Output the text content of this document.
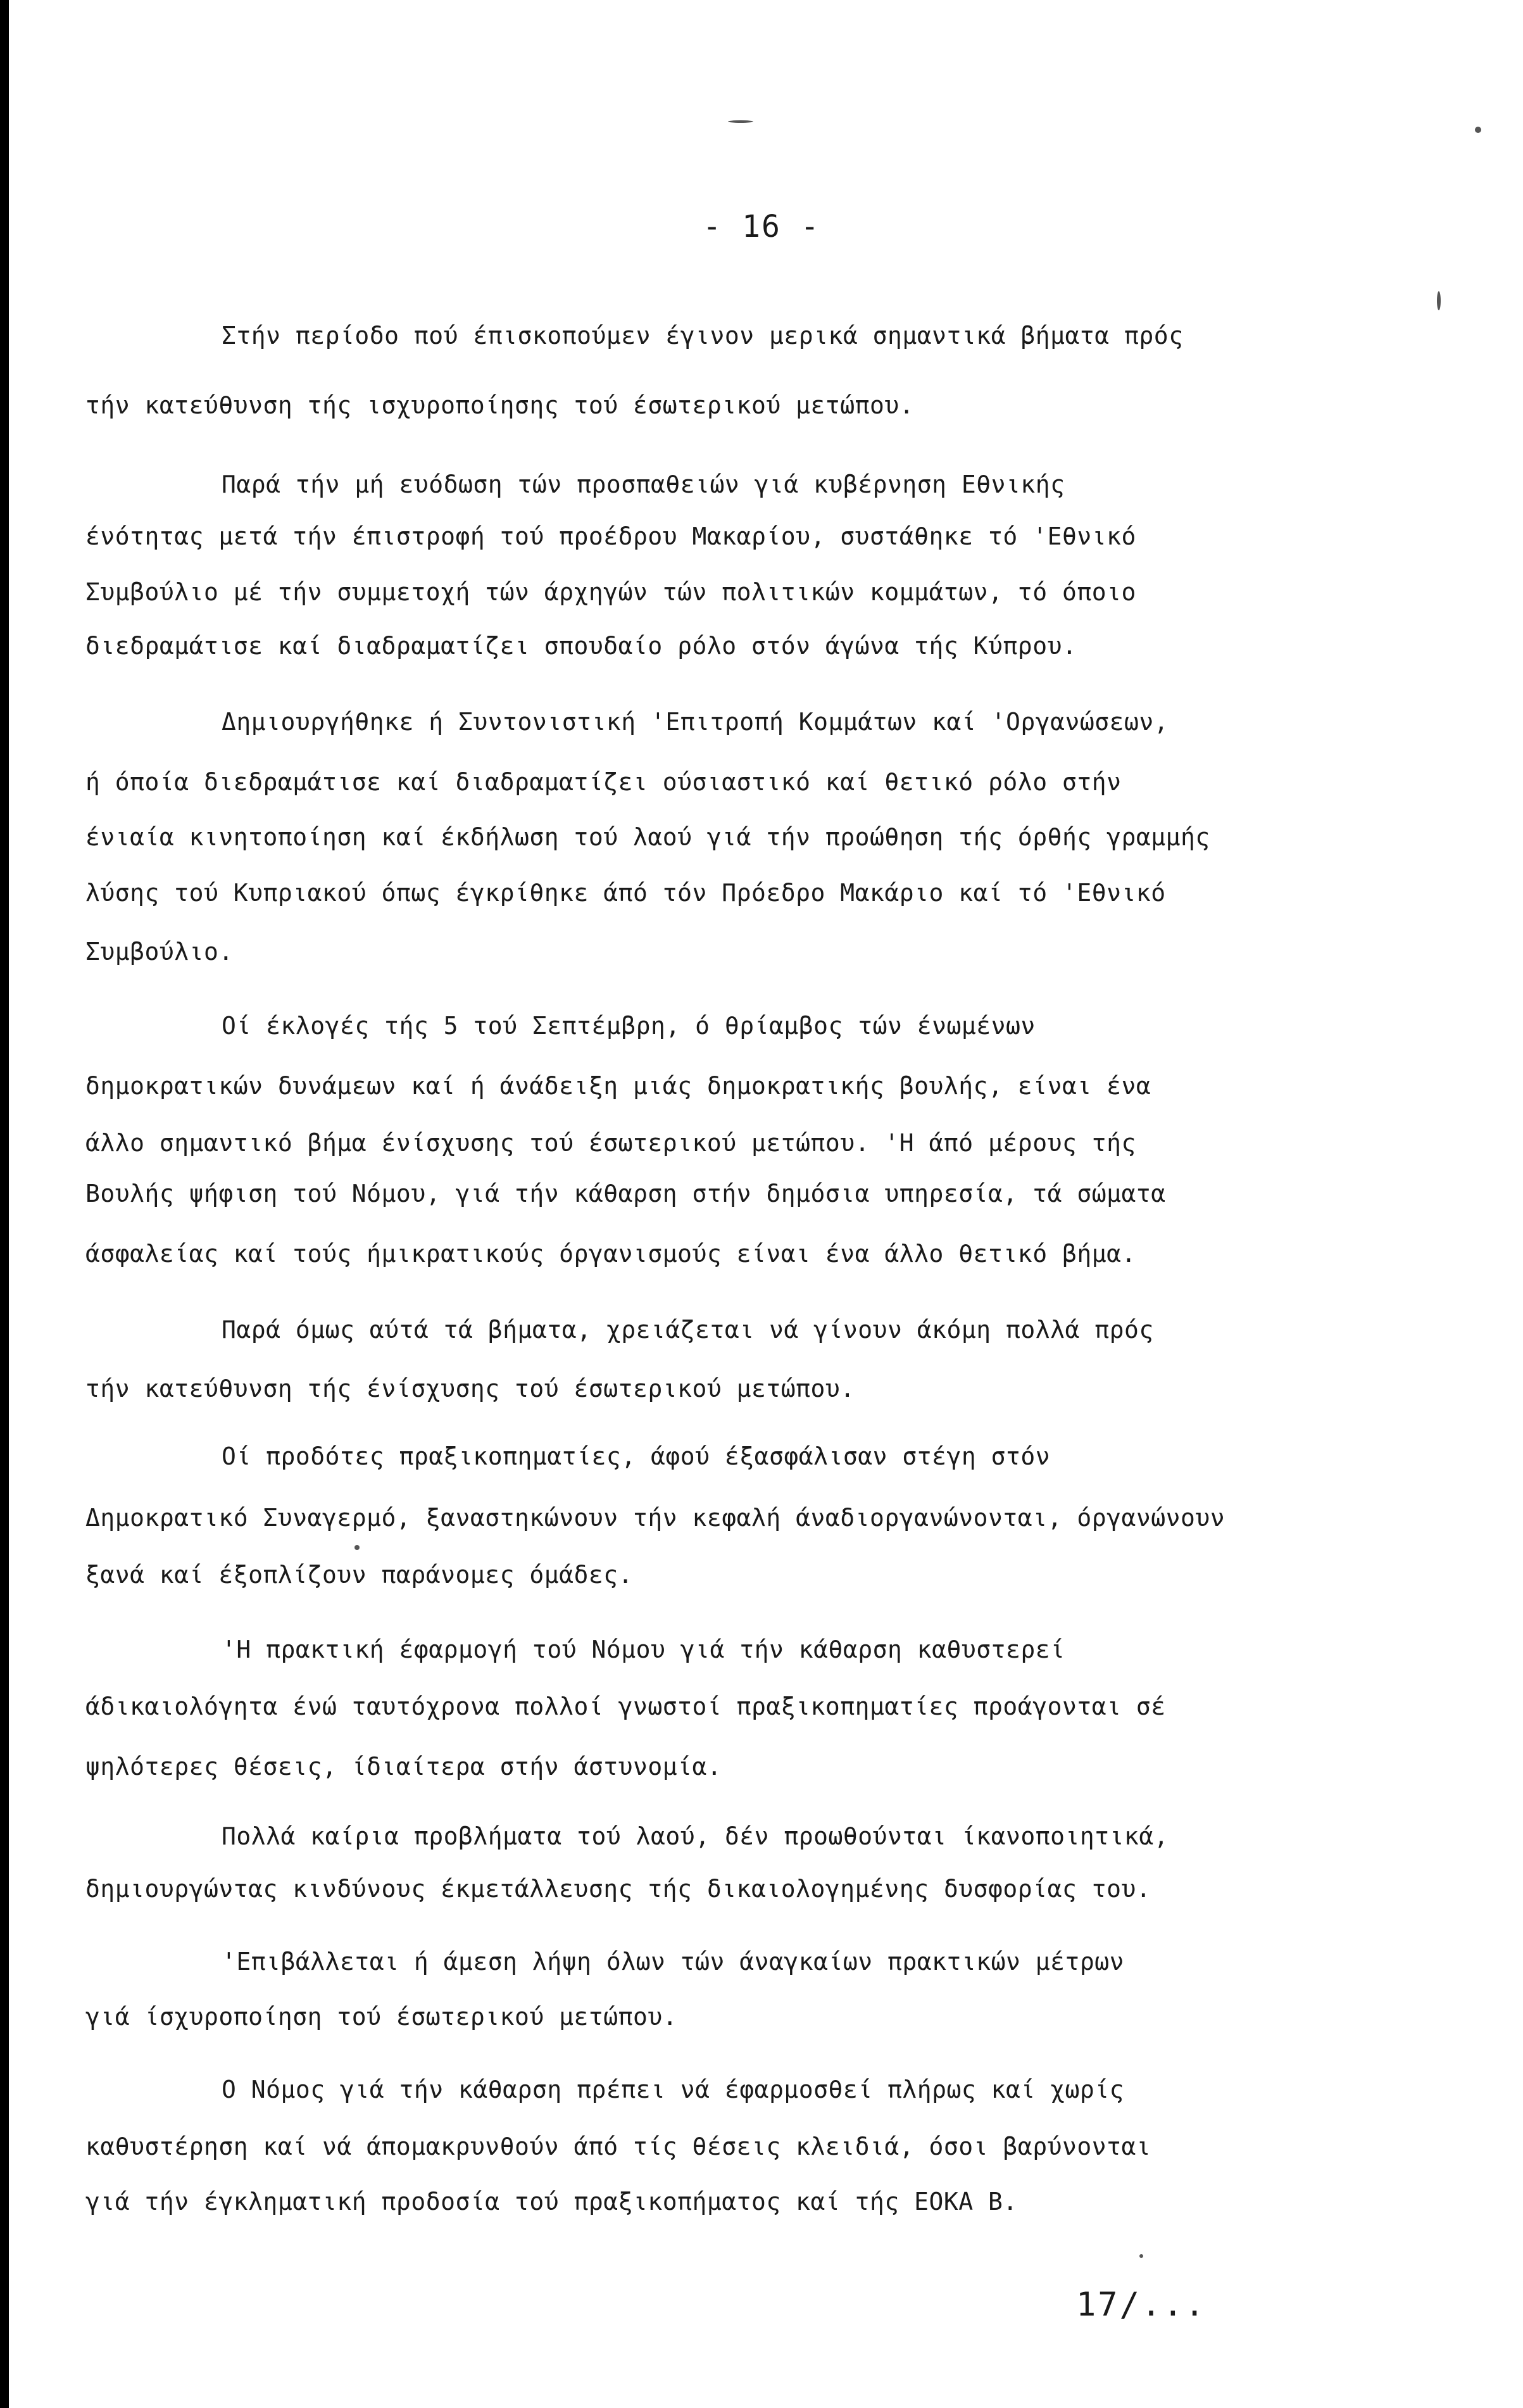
- 16 -
Στήν περίοδο πού έπισκοπούμεν έγινον μερικά σημαντικά βήματα πρός
τήν κατεύθυνση τής ισχυροποίησης τού έσωτερικού μετώπου.
Παρά τήν μή ευόδωση τών προσπαθειών γιά κυβέρνηση Εθνικής
ένότητας μετά τήν έπιστροφή τού προέδρου Μακαρίου, συστάθηκε τό 'Εθνικό
Συμβούλιο μέ τήν συμμετοχή τών άρχηγών τών πολιτικών κομμάτων, τό όποιο
διεδραμάτισε καί διαδραματίζει σπουδαίο ρόλο στόν άγώνα τής Κύπρου.
Δημιουργήθηκε ή Συντονιστική 'Επιτροπή Κομμάτων καί 'Οργανώσεων,
ή όποία διεδραμάτισε καί διαδραματίζει ούσιαστικό καί θετικό ρόλο στήν
ένιαία κινητοποίηση καί έκδήλωση τού λαού γιά τήν προώθηση τής όρθής γραμμής
λύσης τού Κυπριακού όπως έγκρίθηκε άπό τόν Πρόεδρο Μακάριο καί τό 'Εθνικό
Συμβούλιο.
Οί έκλογές τής 5 τού Σεπτέμβρη, ό θρίαμβος τών ένωμένων
δημοκρατικών δυνάμεων καί ή άνάδειξη μιάς δημοκρατικής βουλής, είναι ένα
άλλο σημαντικό βήμα ένίσχυσης τού έσωτερικού μετώπου. 'Η άπό μέρους τής
Βουλής ψήφιση τού Νόμου, γιά τήν κάθαρση στήν δημόσια υπηρεσία, τά σώματα
άσφαλείας καί τούς ήμικρατικούς όργανισμούς είναι ένα άλλο θετικό βήμα.
Παρά όμως αύτά τά βήματα, χρειάζεται νά γίνουν άκόμη πολλά πρός
τήν κατεύθυνση τής ένίσχυσης τού έσωτερικού μετώπου.
Οί προδότες πραξικοπηματίες, άφού έξασφάλισαν στέγη στόν
Δημοκρατικό Συναγερμό, ξαναστηκώνουν τήν κεφαλή άναδιοργανώνονται, όργανώνουν
ξανά καί έξοπλίζουν παράνομες όμάδες.
'Η πρακτική έφαρμογή τού Νόμου γιά τήν κάθαρση καθυστερεί
άδικαιολόγητα ένώ ταυτόχρονα πολλοί γνωστοί πραξικοπηματίες προάγονται σέ
ψηλότερες θέσεις, ίδιαίτερα στήν άστυνομία.
Πολλά καίρια προβλήματα τού λαού, δέν προωθούνται ίκανοποιητικά,
δημιουργώντας κινδύνους έκμετάλλευσης τής δικαιολογημένης δυσφορίας του.
'Επιβάλλεται ή άμεση λήψη όλων τών άναγκαίων πρακτικών μέτρων
γιά ίσχυροποίηση τού έσωτερικού μετώπου.
Ο Νόμος γιά τήν κάθαρση πρέπει νά έφαρμοσθεί πλήρως καί χωρίς
καθυστέρηση καί νά άπομακρυνθούν άπό τίς θέσεις κλειδιά, όσοι βαρύνονται
γιά τήν έγκληματική προδοσία τού πραξικοπήματος καί τής ΕΟΚΑ Β.
17/...
